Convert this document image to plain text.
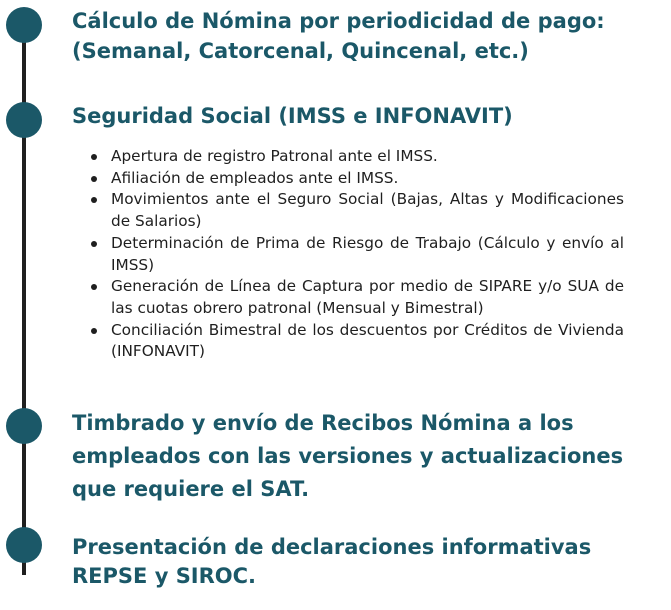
Cálculo de Nómina por periodicidad de pago:
(Semanal, Catorcenal, Quincenal, etc.)
Seguridad Social (IMSS e INFONAVIT)
Apertura de registro Patronal ante el IMSS.
Afiliación de empleados ante el IMSS.
Movimientos ante el Seguro Social (Bajas, Altas y Modificaciones de Salarios)
Determinación de Prima de Riesgo de Trabajo (Cálculo y envío al IMSS)
Generación de Línea de Captura por medio de SIPARE y/o SUA de las cuotas obrero patronal (Mensual y Bimestral)
Conciliación Bimestral de los descuentos por Créditos de Vivienda (INFONAVIT)
Timbrado y envío de Recibos Nómina a los empleados con las versiones y actualizaciones que requiere el SAT.
Presentación de declaraciones informativas REPSE y SIROC.
